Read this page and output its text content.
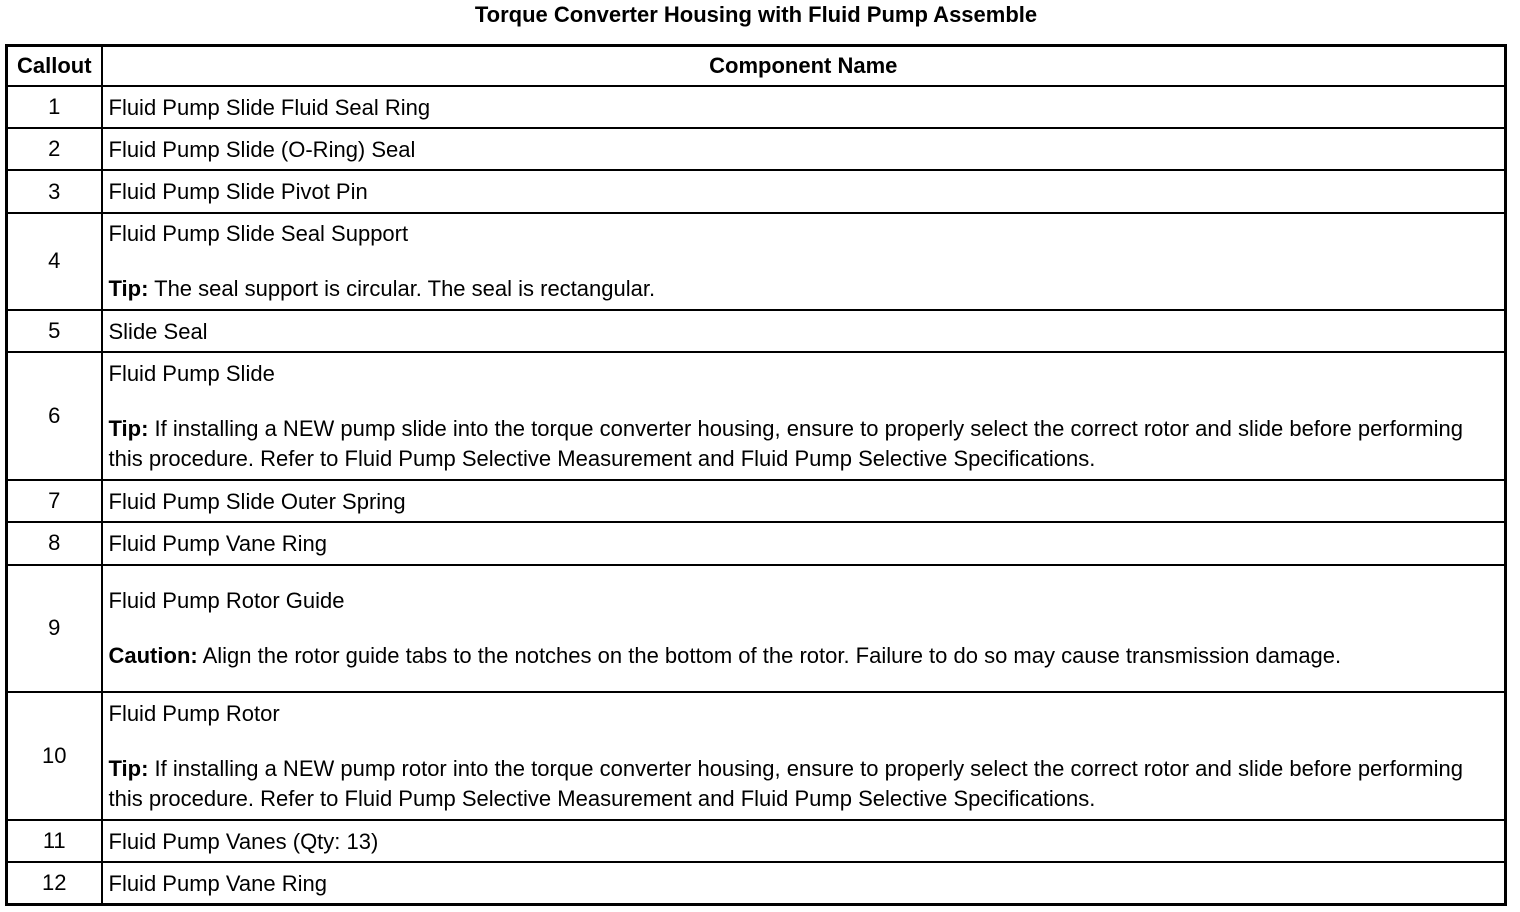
Torque Converter Housing with Fluid Pump Assemble
Callout	Component Name
1	Fluid Pump Slide Fluid Seal Ring

2	Fluid Pump Slide (O-Ring) Seal

3	Fluid Pump Slide Pivot Pin

4	Fluid Pump Slide Seal Support
Tip: The seal support is circular. The seal is rectangular.

5	Slide Seal

6	Fluid Pump Slide
Tip: If installing a NEW pump slide into the torque converter housing, ensure to properly select the correct rotor and slide before performing this procedure. Refer to Fluid Pump Selective Measurement and Fluid Pump Selective Specifications.

7	Fluid Pump Slide Outer Spring

8	Fluid Pump Vane Ring

9	Fluid Pump Rotor Guide
Caution: Align the rotor guide tabs to the notches on the bottom of the rotor. Failure to do so may cause transmission damage.

10	Fluid Pump Rotor
Tip: If installing a NEW pump rotor into the torque converter housing, ensure to properly select the correct rotor and slide before performing this procedure. Refer to Fluid Pump Selective Measurement and Fluid Pump Selective Specifications.

11	Fluid Pump Vanes (Qty: 13)

12	Fluid Pump Vane Ring
